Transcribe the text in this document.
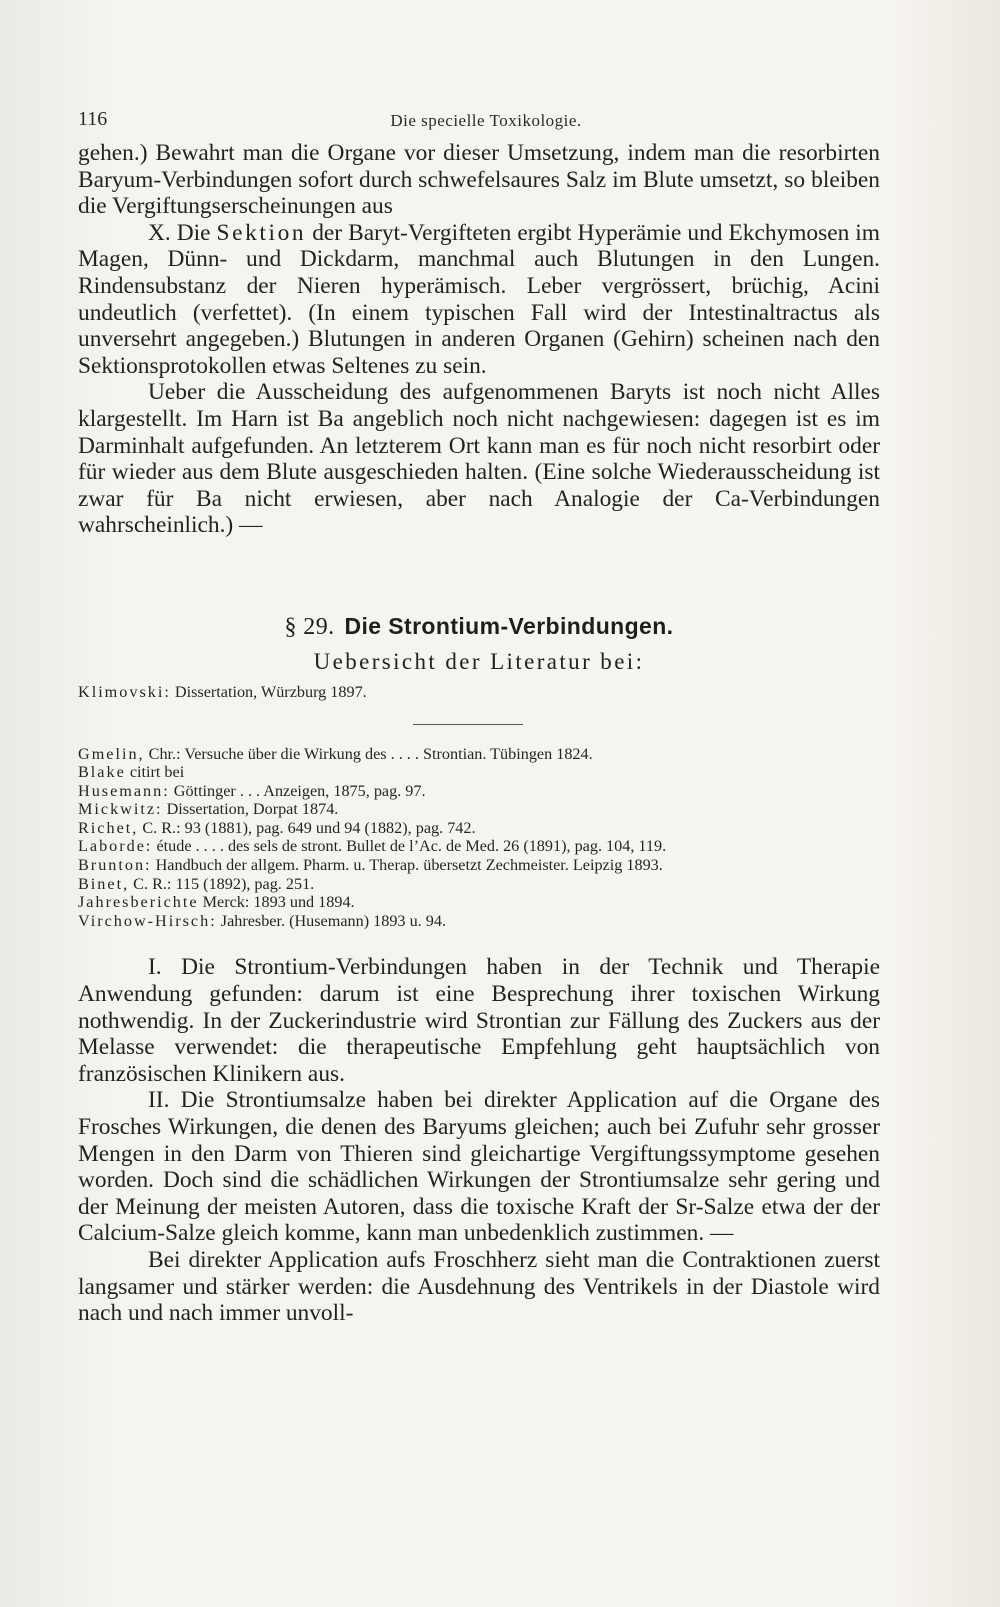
116	Die specielle Toxikologie.

gehen.) Bewahrt man die Organe vor dieser Umsetzung, indem man die resorbirten Baryum-Verbindungen sofort durch schwefelsaures Salz im Blute umsetzt, so bleiben die Vergiftungserscheinungen aus

X. Die Sektion der Baryt-Vergifteten ergibt Hyperämie und Ekchymosen im Magen, Dünn- und Dickdarm, manchmal auch Blutungen in den Lungen. Rindensubstanz der Nieren hyperämisch. Leber vergrössert, brüchig, Acini undeutlich (verfettet). (In einem typischen Fall wird der Intestinaltractus als unversehrt angegeben.) Blutungen in anderen Organen (Gehirn) scheinen nach den Sektionsprotokollen etwas Seltenes zu sein.

Ueber die Ausscheidung des aufgenommenen Baryts ist noch nicht Alles klargestellt. Im Harn ist Ba angeblich noch nicht nachgewiesen: dagegen ist es im Darminhalt aufgefunden. An letzterem Ort kann man es für noch nicht resorbirt oder für wieder aus dem Blute ausgeschieden halten. (Eine solche Wiederausscheidung ist zwar für Ba nicht erwiesen, aber nach Analogie der Ca-Verbindungen wahrscheinlich.) —

§ 29. Die Strontium-Verbindungen.
Uebersicht der Literatur bei:
Klimovski: Dissertation, Würzburg 1897.
Gmelin, Chr.: Versuche über die Wirkung des . . . . Strontian. Tübingen 1824.
Blake citirt bei
Husemann: Göttinger . . . Anzeigen, 1875, pag. 97.
Mickwitz: Dissertation, Dorpat 1874.
Richet, C. R.: 93 (1881), pag. 649 und 94 (1882), pag. 742.
Laborde: étude . . . . des sels de stront. Bullet de l’Ac. de Med. 26 (1891), pag. 104, 119.
Brunton: Handbuch der allgem. Pharm. u. Therap. übersetzt Zechmeister. Leipzig 1893.
Binet, C. R.: 115 (1892), pag. 251.
Jahresberichte Merck: 1893 und 1894.
Virchow-Hirsch: Jahresber. (Husemann) 1893 u. 94.

I. Die Strontium-Verbindungen haben in der Technik und Therapie Anwendung gefunden: darum ist eine Besprechung ihrer toxischen Wirkung nothwendig. In der Zuckerindustrie wird Strontian zur Fällung des Zuckers aus der Melasse verwendet: die therapeutische Empfehlung geht hauptsächlich von französischen Klinikern aus.

II. Die Strontiumsalze haben bei direkter Application auf die Organe des Frosches Wirkungen, die denen des Baryums gleichen; auch bei Zufuhr sehr grosser Mengen in den Darm von Thieren sind gleichartige Vergiftungssymptome gesehen worden. Doch sind die schädlichen Wirkungen der Strontiumsalze sehr gering und der Meinung der meisten Autoren, dass die toxische Kraft der Sr-Salze etwa der der Calcium-Salze gleich komme, kann man unbedenklich zustimmen. —

Bei direkter Application aufs Froschherz sieht man die Contraktionen zuerst langsamer und stärker werden: die Ausdehnung des Ventrikels in der Diastole wird nach und nach immer unvoll-
